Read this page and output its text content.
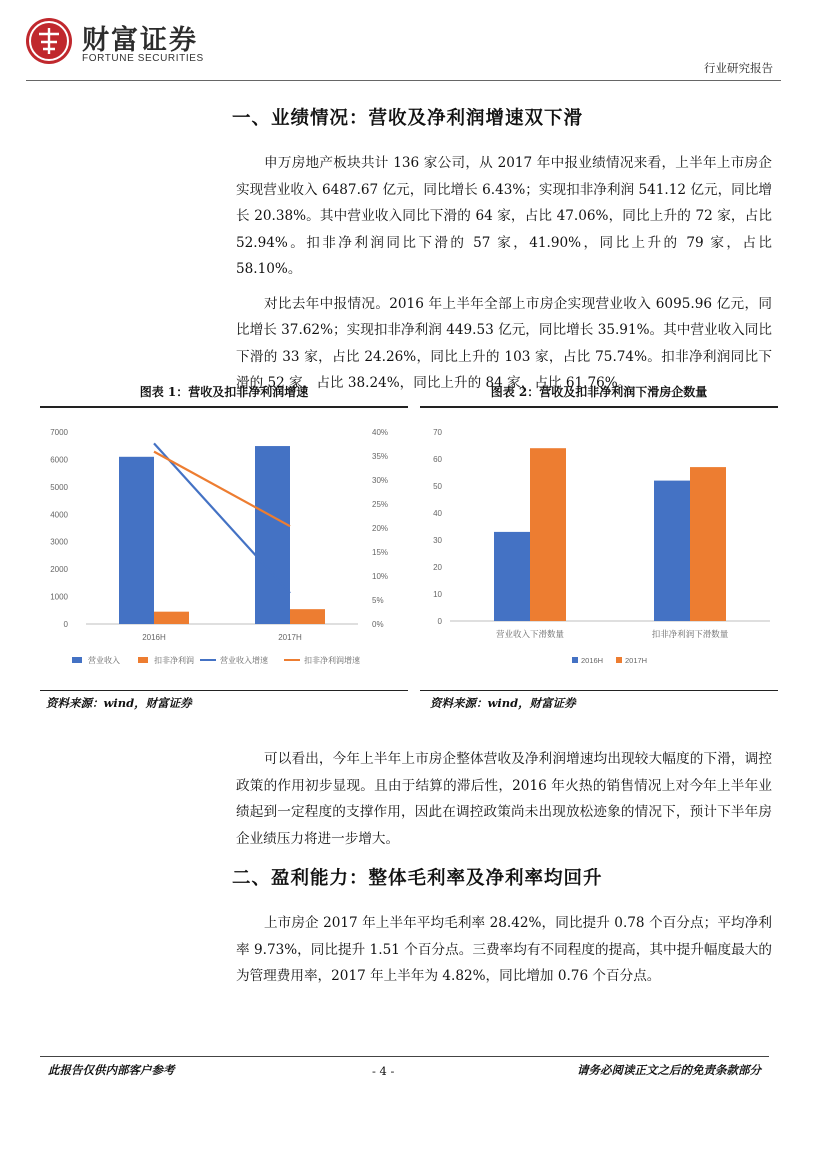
财富证券
FORTUNE SECURITIES
行业研究报告
一、业绩情况：营收及净利润增速双下滑

申万房地产板块共计 136 家公司，从 2017 年中报业绩情况来看，上半年上市房企实现营业收入 6487.67 亿元，同比增长 6.43%；实现扣非净利润 541.12 亿元，同比增长 20.38%。其中营业收入同比下滑的 64 家，占比 47.06%，同比上升的 72 家，占比 52.94%。扣非净利润同比下滑的 57 家，41.90%，同比上升的 79 家，占比 58.10%。

对比去年中报情况。2016 年上半年全部上市房企实现营业收入 6095.96 亿元，同比增长 37.62%；实现扣非净利润 449.53 亿元，同比增长 35.91%。其中营业收入同比下滑的 33 家，占比 24.26%，同比上升的 103 家，占比 75.74%。扣非净利润同比下滑的 52 家，占比 38.24%，同比上升的 84 家，占比 61.76%。

图表 1：营收及扣非净利润增速
0
1000
2000
3000
4000
5000
6000
7000
0%
5%
10%
15%
20%
25%
30%
35%
40%
2016H	2017H
营业收入	扣非净利润	营业收入增速	扣非净利润增速
资料来源：wind，财富证券
图表 2：营收及扣非净利润下滑房企数量
0
10
20
30
40
50
60
70
营业收入下滑数量	扣非净利润下滑数量
2016H	2017H
资料来源：wind，财富证券

可以看出，今年上半年上市房企整体营收及净利润增速均出现较大幅度的下滑，调控政策的作用初步显现。且由于结算的滞后性，2016 年火热的销售情况上对今年上半年业绩起到一定程度的支撑作用，因此在调控政策尚未出现放松迹象的情况下，预计下半年房企业绩压力将进一步增大。

二、盈利能力：整体毛利率及净利率均回升

上市房企 2017 年上半年平均毛利率 28.42%，同比提升 0.78 个百分点；平均净利率 9.73%，同比提升 1.51 个百分点。三费率均有不同程度的提高，其中提升幅度最大的为管理费用率，2017 年上半年为 4.82%，同比增加 0.76 个百分点。

此报告仅供内部客户参考	- 4 -	请务必阅读正文之后的免责条款部分
